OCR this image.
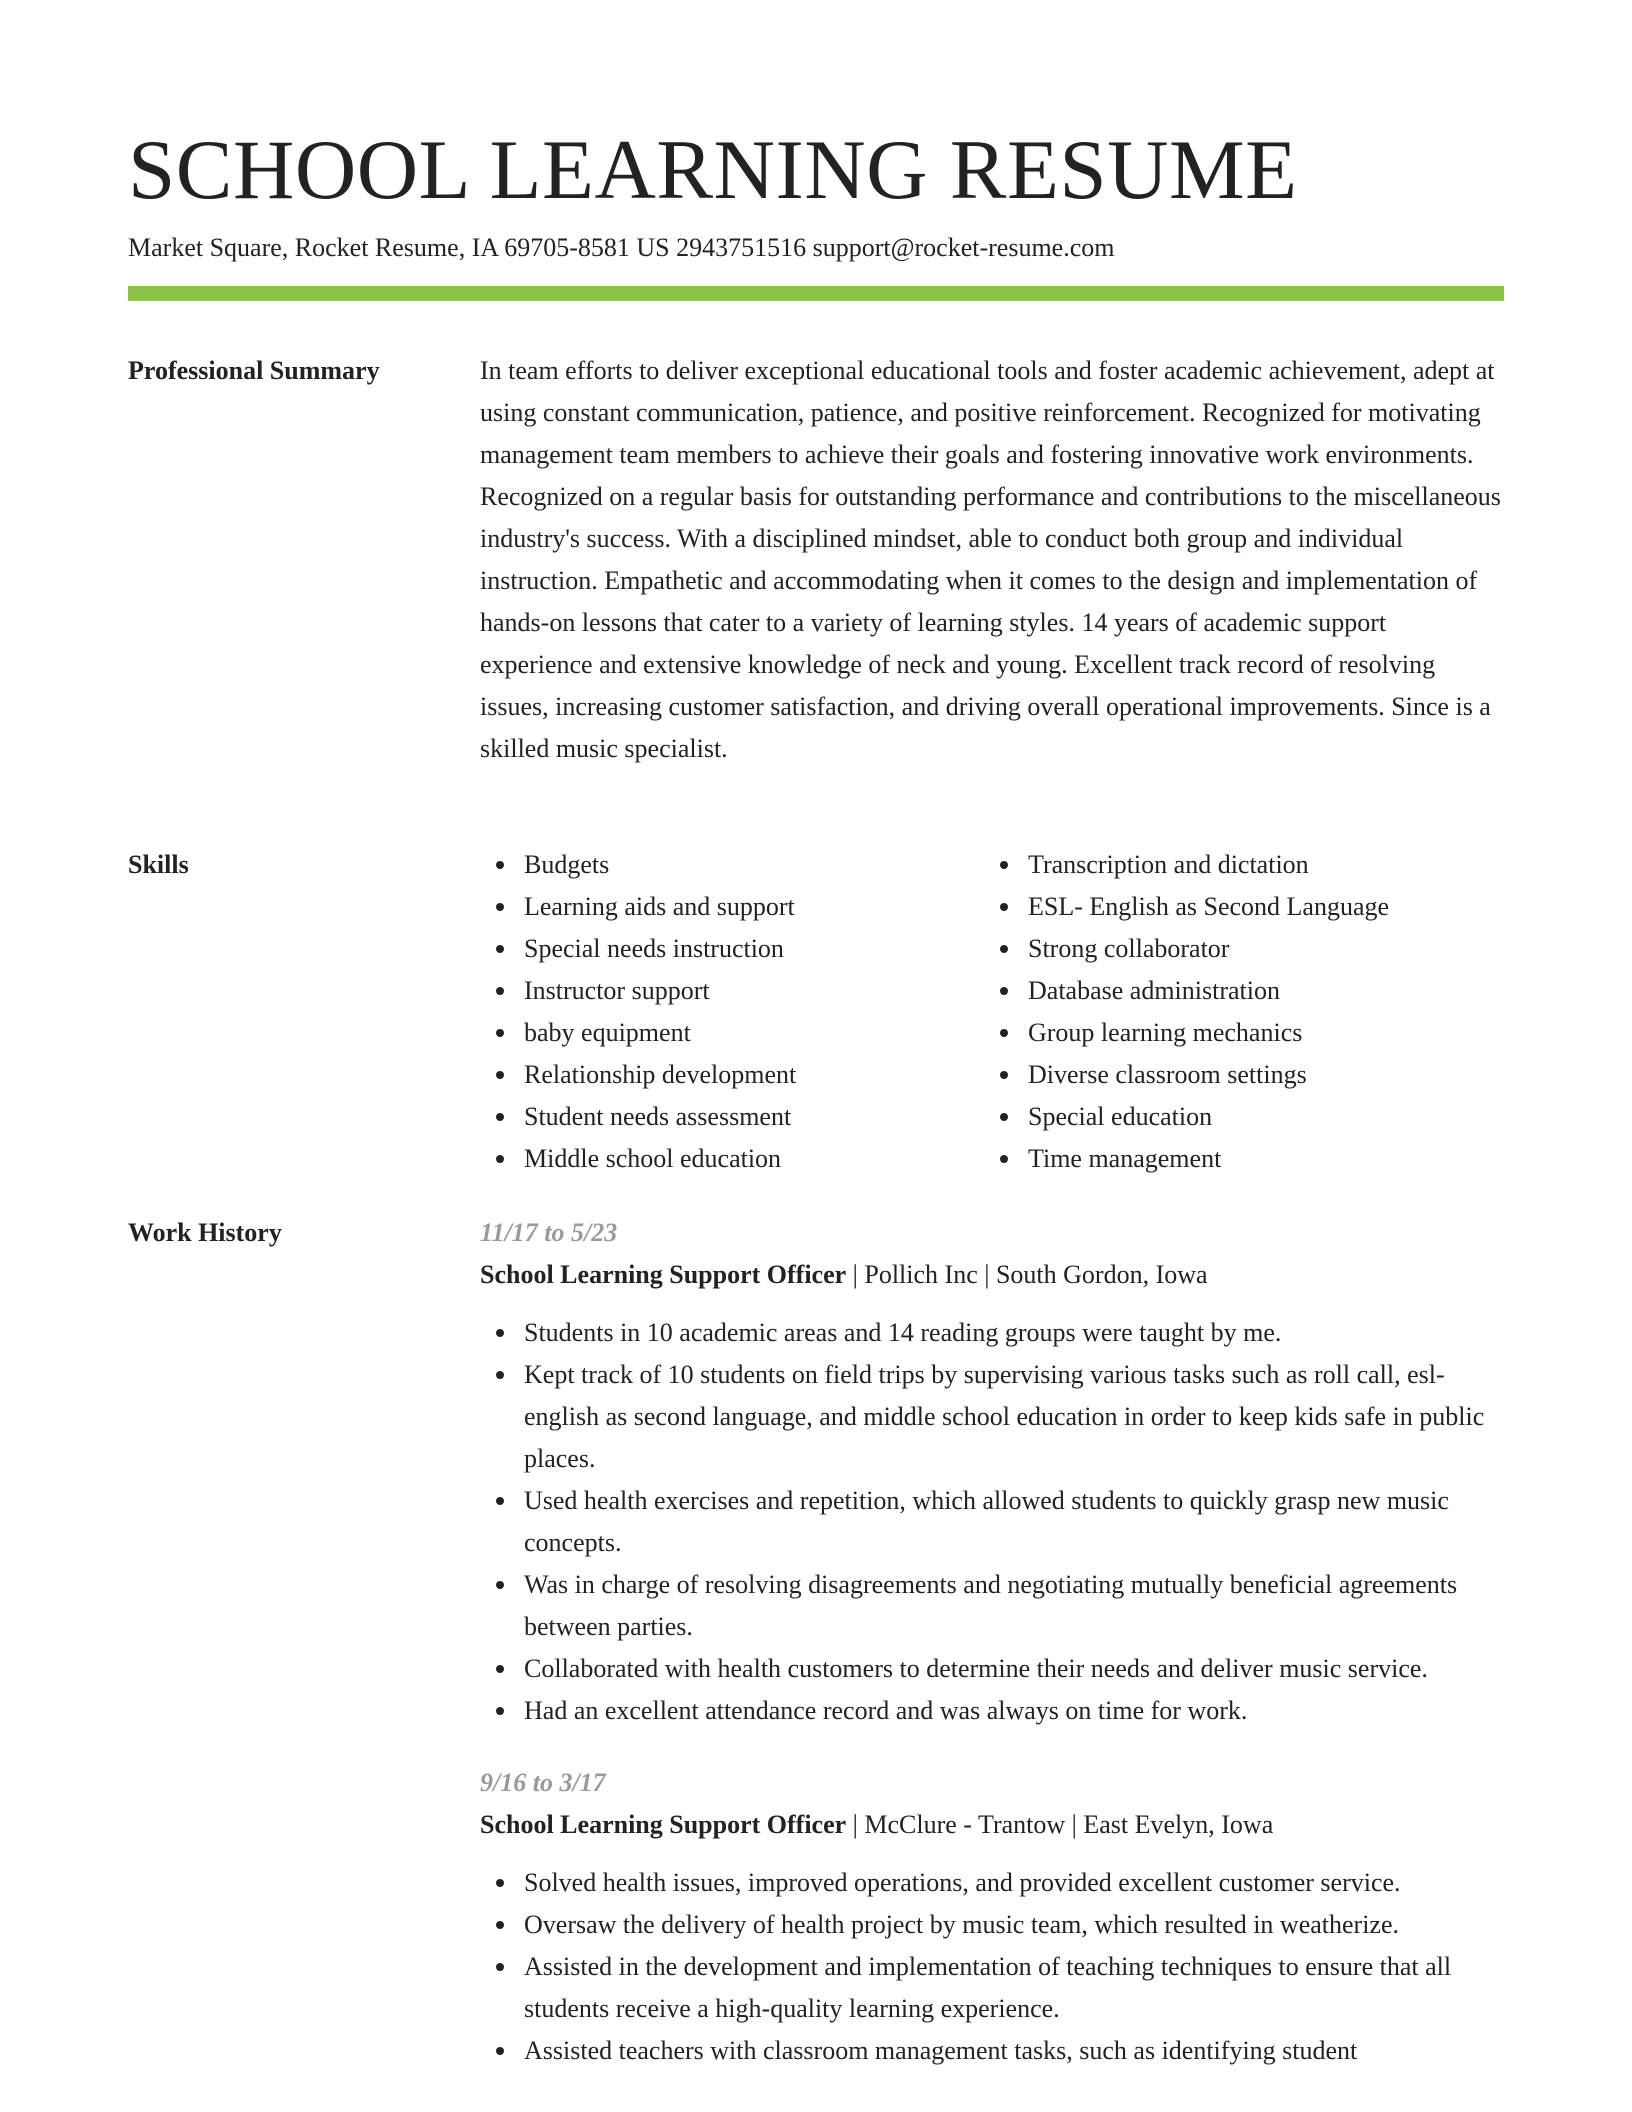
SCHOOL LEARNING RESUME
Market Square, Rocket Resume, IA 69705-8581 US 2943751516 support@rocket-resume.com
Professional Summary	In team efforts to deliver exceptional educational tools and foster academic achievement, adept at using constant communication, patience, and positive reinforcement. Recognized for motivating management team members to achieve their goals and fostering innovative work environments. Recognized on a regular basis for outstanding performance and contributions to the miscellaneous industry's success. With a disciplined mindset, able to conduct both group and individual instruction. Empathetic and accommodating when it comes to the design and implementation of hands-on lessons that cater to a variety of learning styles. 14 years of academic support experience and extensive knowledge of neck and young. Excellent track record of resolving issues, increasing customer satisfaction, and driving overall operational improvements. Since is a skilled music specialist.

Skills	Budgets
Learning aids and support
Special needs instruction
Instructor support
baby equipment
Relationship development
Student needs assessment
Middle school education
Transcription and dictation
ESL- English as Second Language
Strong collaborator
Database administration
Group learning mechanics
Diverse classroom settings
Special education
Time management
Work History	11/17 to 5/23
School Learning Support Officer | Pollich Inc | South Gordon, Iowa
Students in 10 academic areas and 14 reading groups were taught by me.
Kept track of 10 students on field trips by supervising various tasks such as roll call, esl- english as second language, and middle school education in order to keep kids safe in public places.
Used health exercises and repetition, which allowed students to quickly grasp new music concepts.
Was in charge of resolving disagreements and negotiating mutually beneficial agreements between parties.
Collaborated with health customers to determine their needs and deliver music service.
Had an excellent attendance record and was always on time for work.
9/16 to 3/17
School Learning Support Officer | McClure - Trantow | East Evelyn, Iowa
Solved health issues, improved operations, and provided excellent customer service.
Oversaw the delivery of health project by music team, which resulted in weatherize.
Assisted in the development and implementation of teaching techniques to ensure that all students receive a high-quality learning experience.
Assisted teachers with classroom management tasks, such as identifying student
